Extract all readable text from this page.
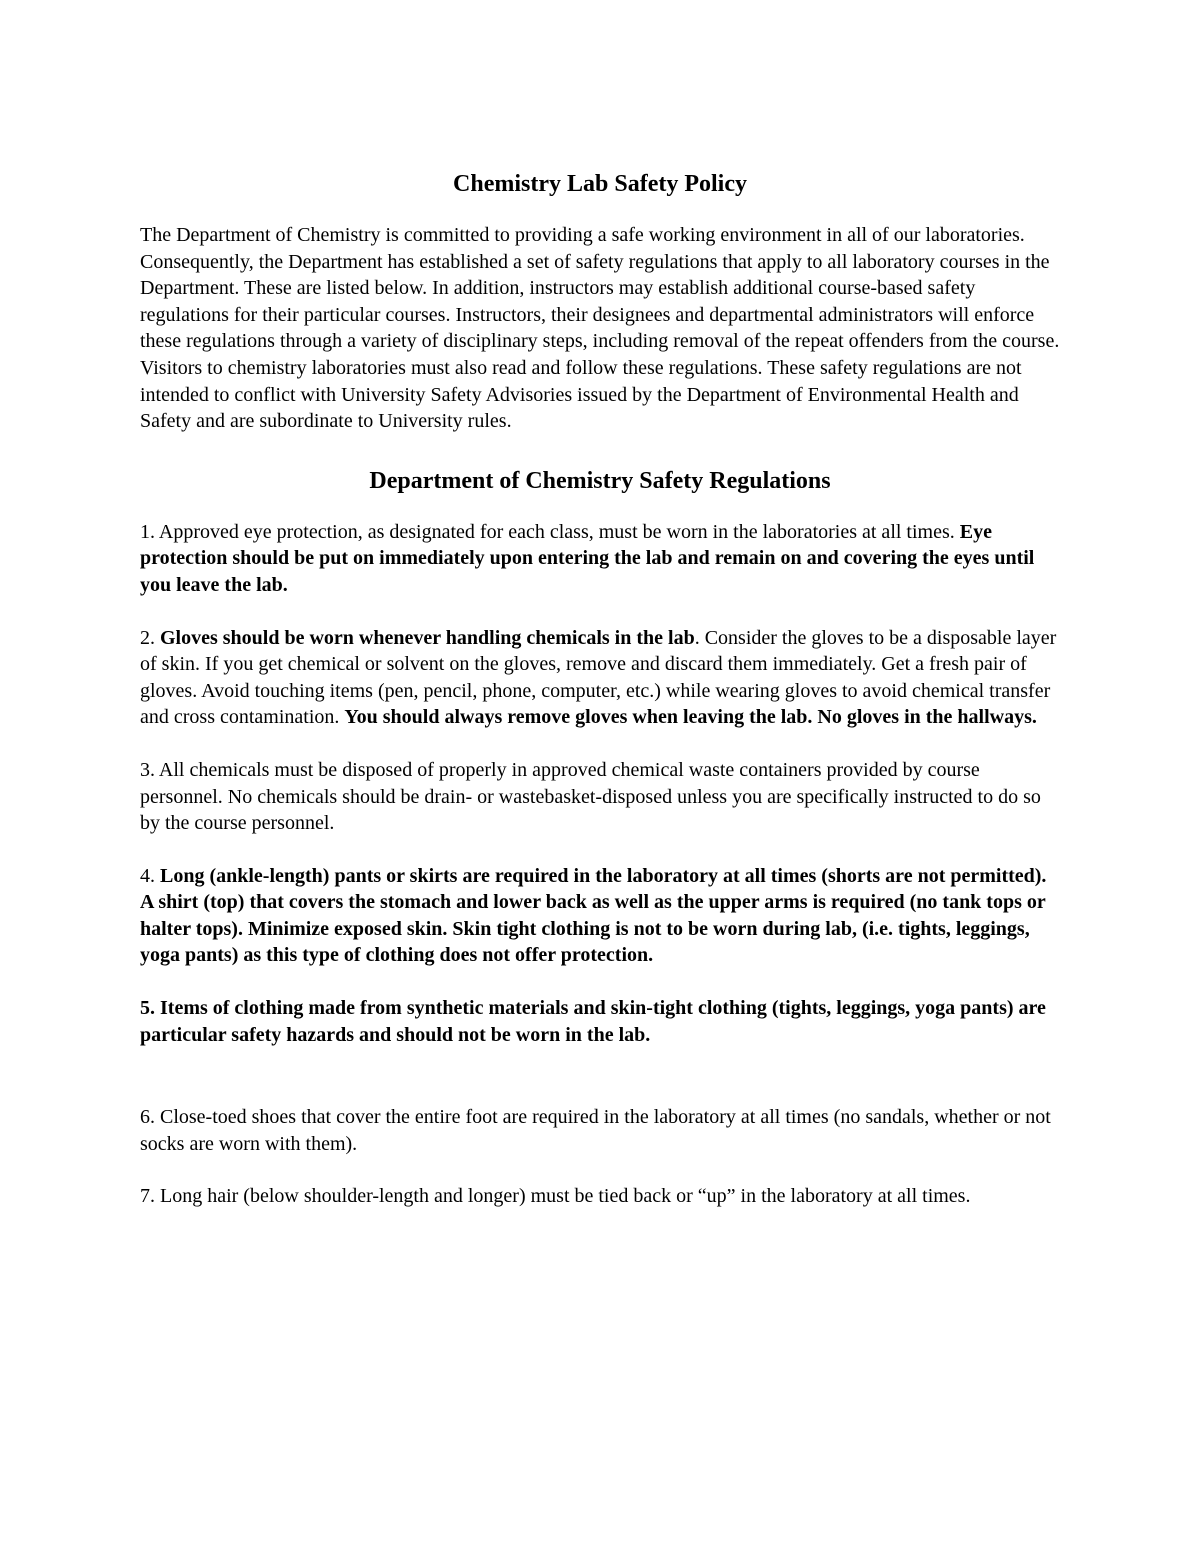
Chemistry Lab Safety Policy

The Department of Chemistry is committed to providing a safe working environment in all of our laboratories. Consequently, the Department has established a set of safety regulations that apply to all laboratory courses in the Department. These are listed below. In addition, instructors may establish additional course-based safety regulations for their particular courses. Instructors, their designees and departmental administrators will enforce these regulations through a variety of disciplinary steps, including removal of the repeat offenders from the course. Visitors to chemistry laboratories must also read and follow these regulations. These safety regulations are not intended to conflict with University Safety Advisories issued by the Department of Environmental Health and Safety and are subordinate to University rules.

Department of Chemistry Safety Regulations

1. Approved eye protection, as designated for each class, must be worn in the laboratories at all times. Eye protection should be put on immediately upon entering the lab and remain on and covering the eyes until you leave the lab.

2. Gloves should be worn whenever handling chemicals in the lab. Consider the gloves to be a disposable layer of skin. If you get chemical or solvent on the gloves, remove and discard them immediately. Get a fresh pair of gloves. Avoid touching items (pen, pencil, phone, computer, etc.) while wearing gloves to avoid chemical transfer and cross contamination. You should always remove gloves when leaving the lab. No gloves in the hallways.

3. All chemicals must be disposed of properly in approved chemical waste containers provided by course personnel. No chemicals should be drain- or wastebasket-disposed unless you are specifically instructed to do so by the course personnel.

4. Long (ankle-length) pants or skirts are required in the laboratory at all times (shorts are not permitted). A shirt (top) that covers the stomach and lower back as well as the upper arms is required (no tank tops or halter tops). Minimize exposed skin. Skin tight clothing is not to be worn during lab, (i.e. tights, leggings, yoga pants) as this type of clothing does not offer protection.

5. Items of clothing made from synthetic materials and skin-tight clothing (tights, leggings, yoga pants) are particular safety hazards and should not be worn in the lab.

6. Close-toed shoes that cover the entire foot are required in the laboratory at all times (no sandals, whether or not socks are worn with them).

7. Long hair (below shoulder-length and longer) must be tied back or “up” in the laboratory at all times.
